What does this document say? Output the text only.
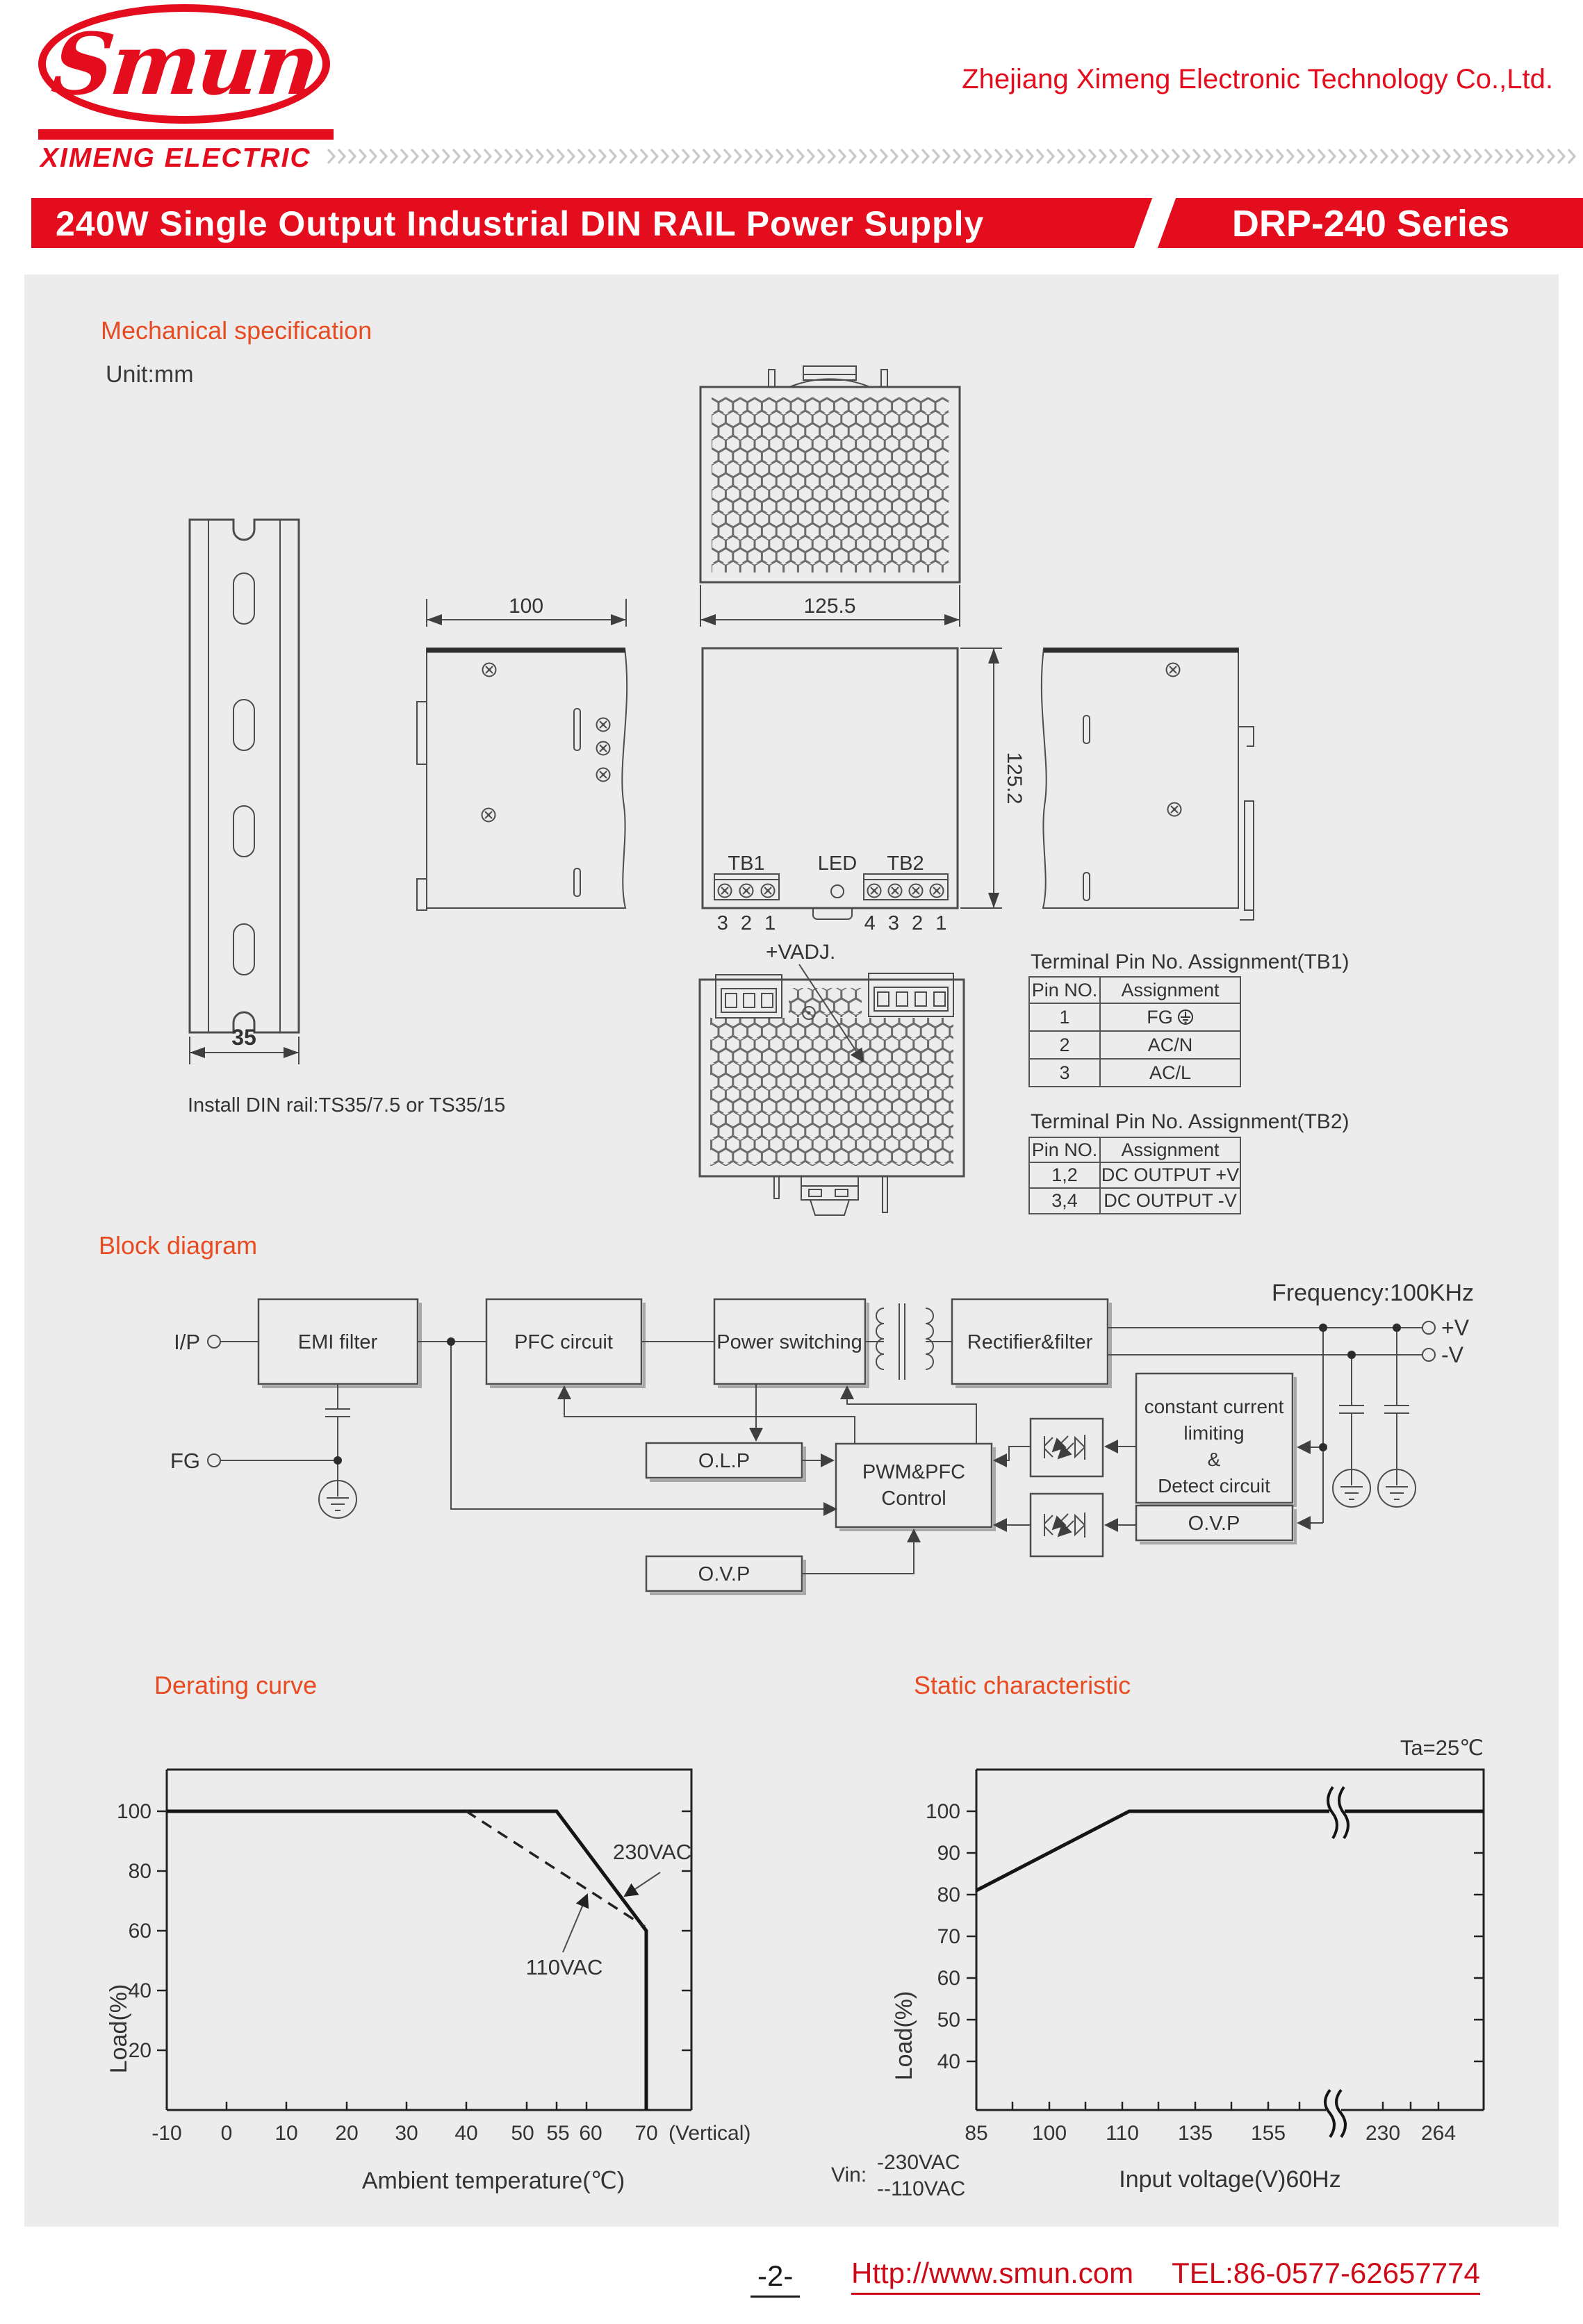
Smun
XIMENG ELECTRIC
Zhejiang Ximeng Electronic Technology Co.,Ltd.
240W Single Output Industrial DIN RAIL Power Supply	DRP-240 Series
Mechanical specification
Unit:mm
35
Install DIN rail:TS35/7.5 or TS35/15
125.5
100
TB1	LED TB2
3 2 1	4 3 2 1
125.2
+VADJ.	Terminal Pin No. Assignment(TB1)
Pin NO.	Assignment
1	FG
2	AC/N
3	AC/L
Terminal Pin No. Assignment(TB2)
Pin NO.	Assignment
1,2	DC OUTPUT +V
3,4	DC OUTPUT -V
Block diagram
Frequency:100KHz
EMI filter	PFC circuit	Power switching	Rectifier&filter
O.L.P	PWM&PFC
Control
constant current
limiting
&
Detect circuit
O.V.P
O.V.P
I/P
FG
+V
-V
Derating curve
100
80
60
40
20
-10 0 10 20 30 40 50 55 60 70 (Vertical)
230VAC
110VAC
Load(%)
Ambient temperature(℃)	Vin:
-230VAC
--110VAC
Static characteristic
Ta=25℃
100
90
80
70
60
50
40
85 100 110 135 155	230 264
Load(%)
Input voltage(V)60Hz
-2- Http://www.smun.com TEL:86-0577-62657774
